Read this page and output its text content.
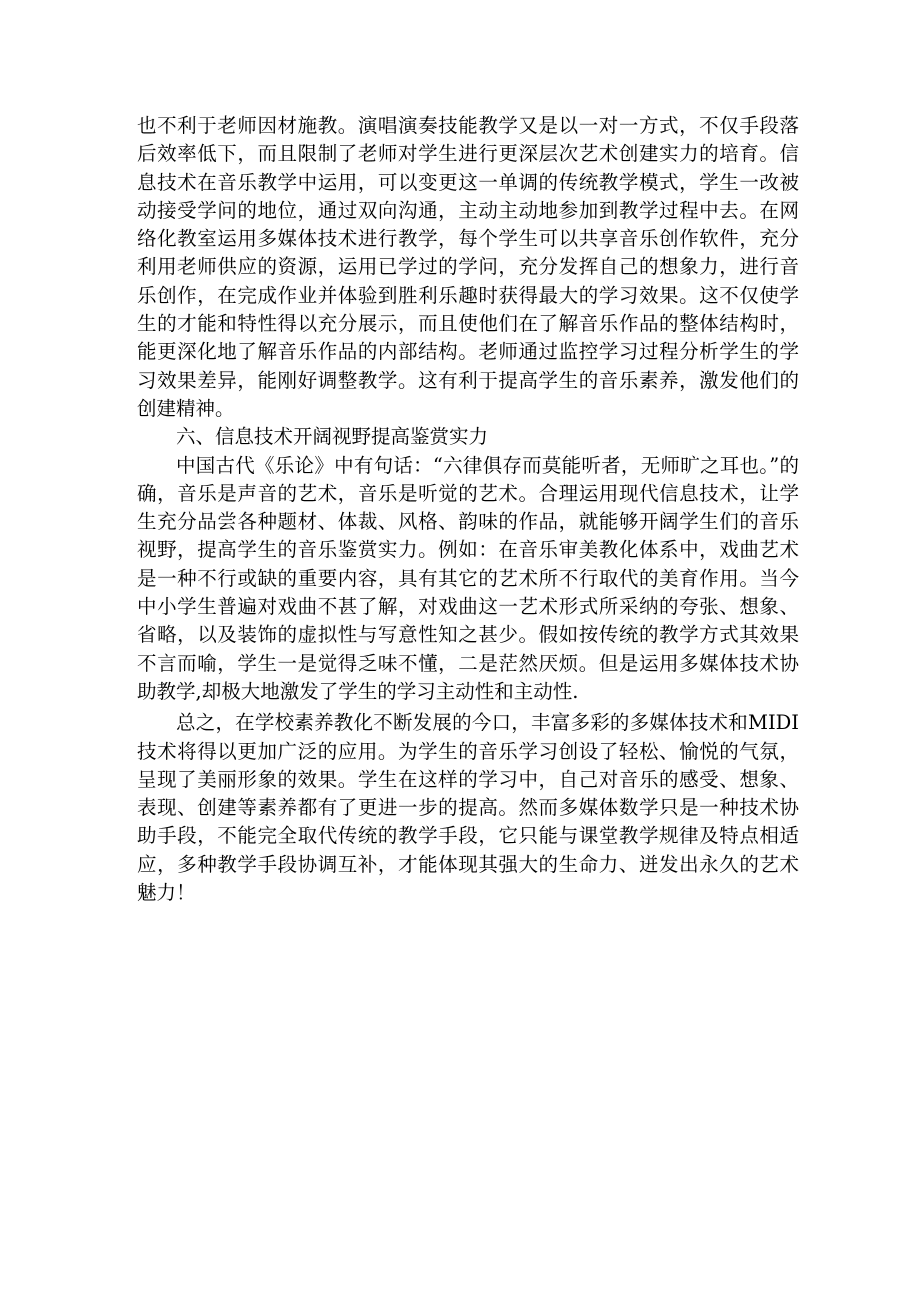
也不利于老师因材施教。演唱演奏技能教学又是以一对一方式，不仅手段落后效率低下，而且限制了老师对学生进行更深层次艺术创建实力的培育。信息技术在音乐教学中运用，可以变更这一单调的传统教学模式，学生一改被动接受学问的地位，通过双向沟通，主动主动地参加到教学过程中去。在网络化教室运用多媒体技术进行教学，每个学生可以共享音乐创作软件，充分利用老师供应的资源，运用已学过的学问，充分发挥自己的想象力，进行音乐创作，在完成作业并体验到胜利乐趣时获得最大的学习效果。这不仅使学生的才能和特性得以充分展示，而且使他们在了解音乐作品的整体结构时，能更深化地了解音乐作品的内部结构。老师通过监控学习过程分析学生的学习效果差异，能刚好调整教学。这有利于提高学生的音乐素养，激发他们的创建精神。

六、信息技术开阔视野提高鉴赏实力

中国古代《乐论》中有句话：“六律俱存而莫能听者，无师旷之耳也。”的确，音乐是声音的艺术，音乐是听觉的艺术。合理运用现代信息技术，让学生充分品尝各种题材、体裁、风格、韵味的作品，就能够开阔学生们的音乐视野，提高学生的音乐鉴赏实力。例如：在音乐审美教化体系中，戏曲艺术是一种不行或缺的重要内容，具有其它的艺术所不行取代的美育作用。当今中小学生普遍对戏曲不甚了解，对戏曲这一艺术形式所采纳的夸张、想象、省略，以及装饰的虚拟性与写意性知之甚少。假如按传统的教学方式其效果不言而喻，学生一是觉得乏味不懂，二是茫然厌烦。但是运用多媒体技术协助教学,却极大地激发了学生的学习主动性和主动性.

总之，在学校素养教化不断发展的今口，丰富多彩的多媒体技术和MIDI技术将得以更加广泛的应用。为学生的音乐学习创设了轻松、愉悦的气氛，呈现了美丽形象的效果。学生在这样的学习中，自己对音乐的感受、想象、表现、创建等素养都有了更进一步的提高。然而多媒体数学只是一种技术协助手段，不能完全取代传统的教学手段，它只能与课堂教学规律及特点相适应，多种教学手段协调互补，才能体现其强大的生命力、迸发出永久的艺术魅力！
